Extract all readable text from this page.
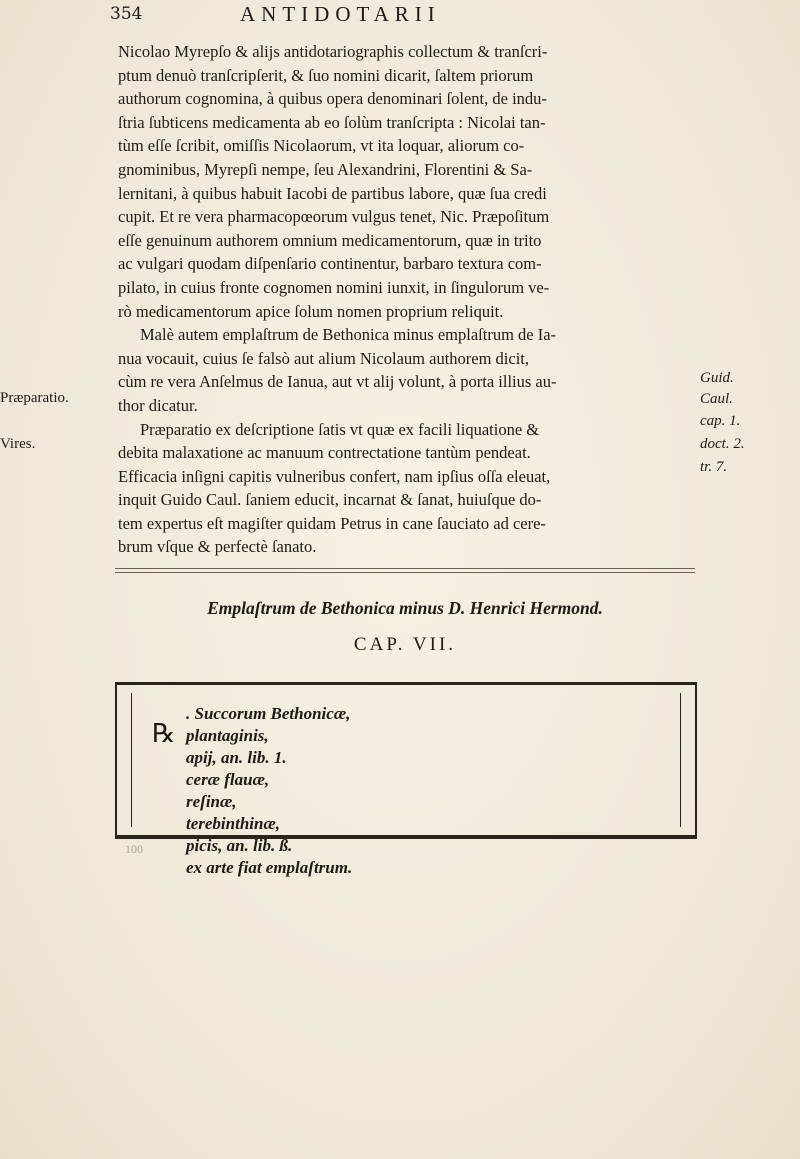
354	ANTIDOTARII
Nicolao Myrepſo & alijs antidotariographis collectum & tranſcri-
ptum denuò tranſcripſerit, & ſuo nomini dicarit, ſaltem priorum
authorum cognomina, à quibus opera denominari ſolent, de indu-
ſtria ſubticens medicamenta ab eo ſolùm tranſcripta : Nicolai tan-
tùm eſſe ſcribit, omiſſis Nicolaorum, vt ita loquar, aliorum co-
gnominibus, Myrepſi nempe, ſeu Alexandrini, Florentini & Sa-
lernitani, à quibus habuit Iacobi de partibus labore, quæ ſua credi
cupit. Et re vera pharmacopœorum vulgus tenet, Nic. Præpoſitum
eſſe genuinum authorem omnium medicamentorum, quæ in trito
ac vulgari quodam diſpenſario continentur, barbaro textura com-
pilato, in cuius fronte cognomen nomini iunxit, in ſingulorum ve-
rò medicamentorum apice ſolum nomen proprium reliquit.
Malè autem emplaſtrum de Bethonica minus emplaſtrum de Ia-
nua vocauit, cuius ſe falsò aut alium Nicolaum authorem dicit,
cùm re vera Anſelmus de Ianua, aut vt alij volunt, à porta illius au-
thor dicatur.
Præparatio ex deſcriptione ſatis vt quæ ex facili liquatione &
debita malaxatione ac manuum contrectatione tantùm pendeat.
Efficacia inſigni capitis vulneribus confert, nam ipſius oſſa eleuat,
inquit Guido Caul. ſaniem educit, incarnat & ſanat, huiuſque do-
tem expertus eſt magiſter quidam Petrus in cane ſauciato ad cere-
brum vſque & perfectè ſanato.
Præparatio.
Vires.
Guid.
Caul.
cap. 1.
doct. 2.
tr. 7.
Emplaſtrum de Bethonica minus D. Henrici Hermond.
CAP. VII.
℞
. Succorum Bethonicæ,
plantaginis,
apij, an. lib. 1.
ceræ flauæ,
reſinæ,
terebinthinæ,
picis, an. lib. ß.
ex arte fiat emplaſtrum.
100
